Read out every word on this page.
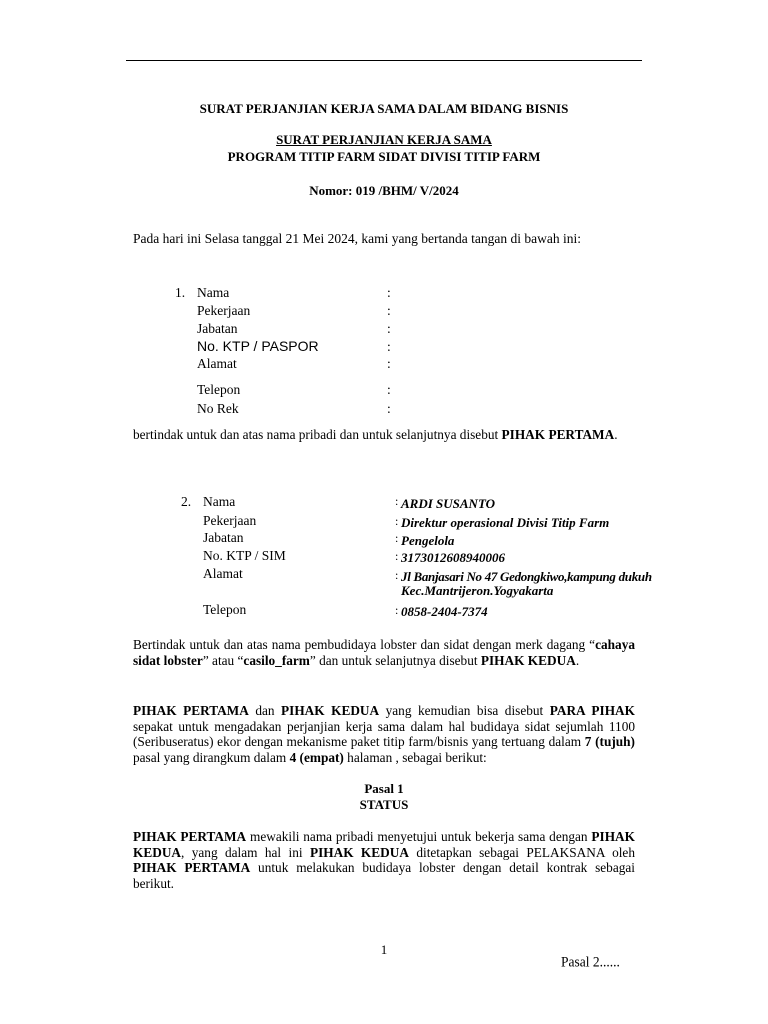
SURAT PERJANJIAN KERJA SAMA DALAM BIDANG BISNIS
SURAT PERJANJIAN KERJA SAMA
PROGRAM TITIP FARM SIDAT DIVISI TITIP FARM
Nomor: 019 /BHM/ V/2024
Pada hari ini Selasa tanggal 21 Mei 2024, kami yang bertanda tangan di bawah ini:
1. Nama
Pekerjaan
Jabatan
No. KTP / PASPOR
Alamat
Telepon
No Rek
:
:
:
:
:
:
:
bertindak untuk dan atas nama pribadi dan untuk selanjutnya disebut PIHAK PERTAMA.
2. Nama
Pekerjaan
Jabatan
No. KTP / SIM
Alamat
Telepon
:
:
:
:
:
:
ARDI SUSANTO
Direktur operasional Divisi Titip Farm
Pengelola
3173012608940006
Jl Banjasari No 47 Gedongkiwo,kampung dukuh
Kec.Mantrijeron.Yogyakarta
0858-2404-7374
Bertindak untuk dan atas nama pembudidaya lobster dan sidat dengan merk dagang “cahaya sidat lobster” atau “casilo_farm” dan untuk selanjutnya disebut PIHAK KEDUA.
PIHAK PERTAMA dan PIHAK KEDUA yang kemudian bisa disebut PARA PIHAK sepakat untuk mengadakan perjanjian kerja sama dalam hal budidaya sidat sejumlah 1100 (Seribuseratus) ekor dengan mekanisme paket titip farm/bisnis yang tertuang dalam 7 (tujuh) pasal yang dirangkum dalam 4 (empat) halaman , sebagai berikut:
Pasal 1
STATUS
PIHAK PERTAMA mewakili nama pribadi menyetujui untuk bekerja sama dengan PIHAK KEDUA, yang dalam hal ini PIHAK KEDUA ditetapkan sebagai PELAKSANA oleh PIHAK PERTAMA untuk melakukan budidaya lobster dengan detail kontrak sebagai berikut.
1
Pasal 2......
